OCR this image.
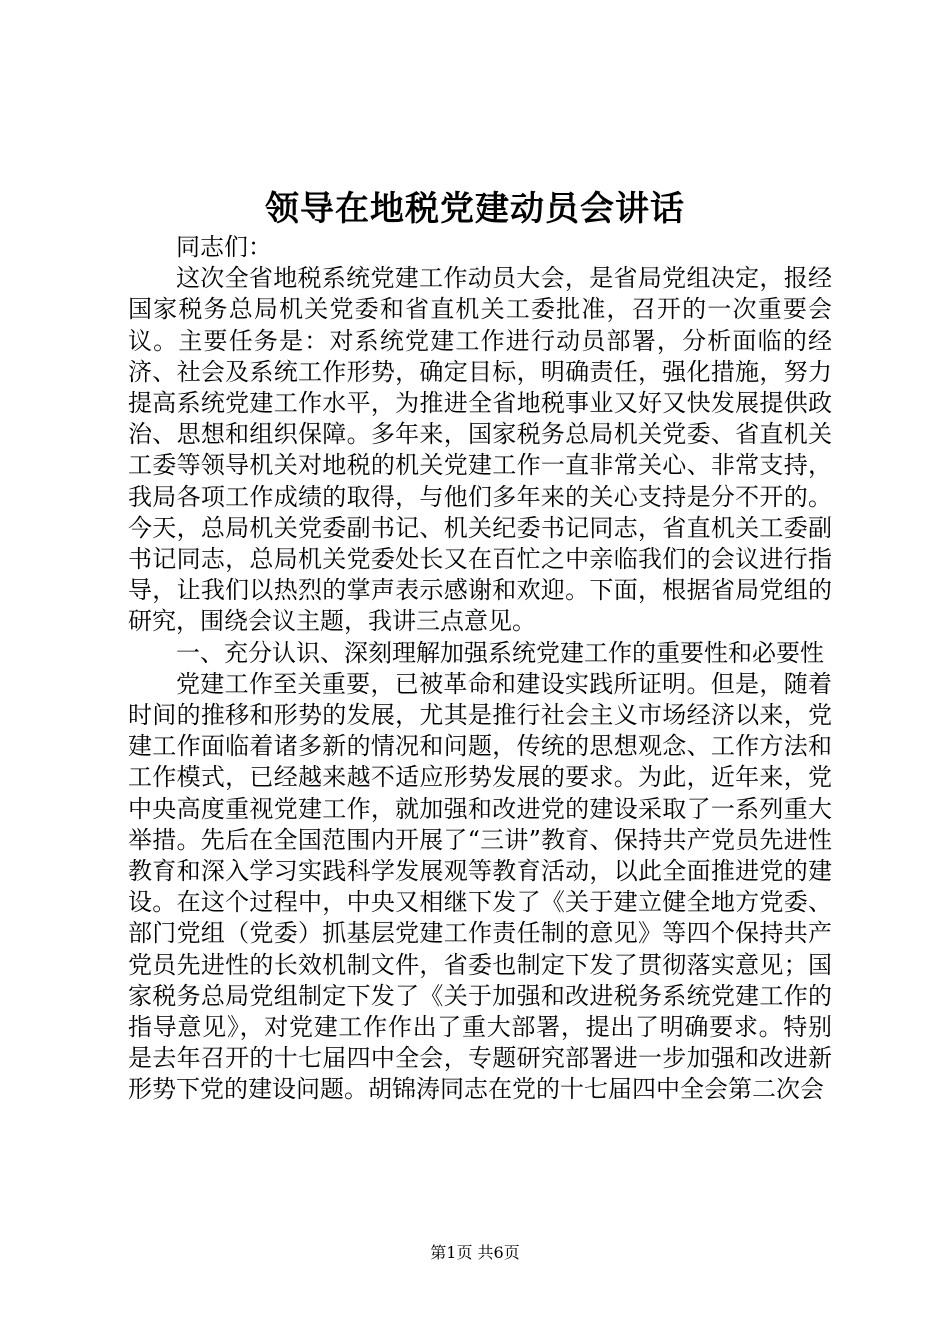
领导在地税党建动员会讲话

同志们：

这次全省地税系统党建工作动员大会，是省局党组决定，报经国家税务总局机关党委和省直机关工委批准，召开的一次重要会议。主要任务是：对系统党建工作进行动员部署，分析面临的经济、社会及系统工作形势，确定目标，明确责任，强化措施，努力提高系统党建工作水平，为推进全省地税事业又好又快发展提供政治、思想和组织保障。多年来，国家税务总局机关党委、省直机关工委等领导机关对地税的机关党建工作一直非常关心、非常支持，我局各项工作成绩的取得，与他们多年来的关心支持是分不开的。今天，总局机关党委副书记、机关纪委书记同志，省直机关工委副书记同志，总局机关党委处长又在百忙之中亲临我们的会议进行指导，让我们以热烈的掌声表示感谢和欢迎。下面，根据省局党组的研究，围绕会议主题，我讲三点意见。

一、充分认识、深刻理解加强系统党建工作的重要性和必要性

党建工作至关重要，已被革命和建设实践所证明。但是，随着时间的推移和形势的发展，尤其是推行社会主义市场经济以来，党建工作面临着诸多新的情况和问题，传统的思想观念、工作方法和工作模式，已经越来越不适应形势发展的要求。为此，近年来，党中央高度重视党建工作，就加强和改进党的建设采取了一系列重大举措。先后在全国范围内开展了“三讲”教育、保持共产党员先进性教育和深入学习实践科学发展观等教育活动，以此全面推进党的建设。在这个过程中，中央又相继下发了《关于建立健全地方党委、部门党组（党委）抓基层党建工作责任制的意见》等四个保持共产党员先进性的长效机制文件，省委也制定下发了贯彻落实意见；国家税务总局党组制定下发了《关于加强和改进税务系统党建工作的指导意见》，对党建工作作出了重大部署，提出了明确要求。特别是去年召开的十七届四中全会，专题研究部署进一步加强和改进新形势下党的建设问题。胡锦涛同志在党的十七届四中全会第二次会

第1页 共6页
